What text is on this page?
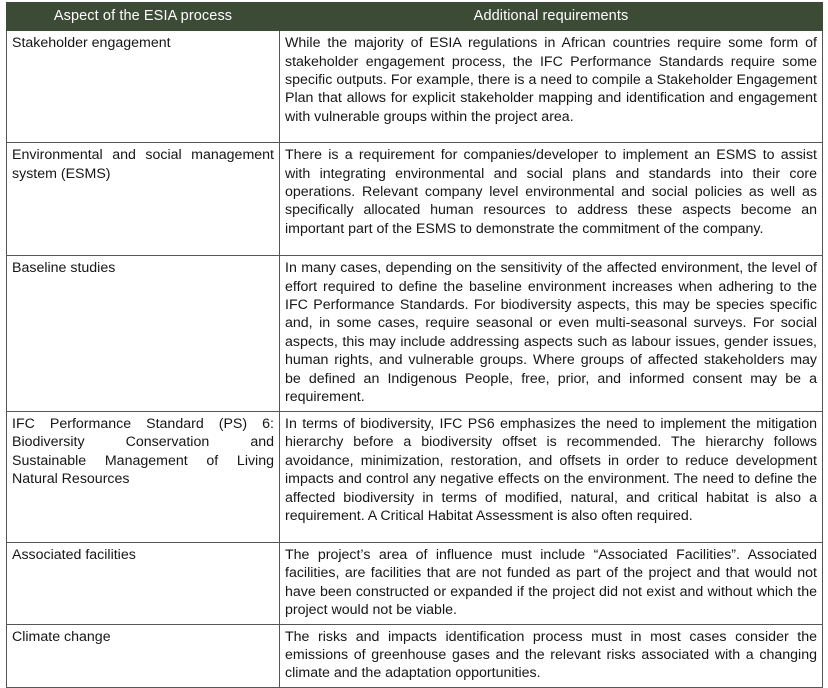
Aspect of the ESIA process	Additional requirements

Stakeholder engagement	While the majority of ESIA regulations in African countries require some form of stakeholder engagement process, the IFC Performance Standards require some specific outputs. For example, there is a need to compile a Stakeholder Engagement Plan that allows for explicit stakeholder mapping and identification and engagement with vulnerable groups within the project area.

Environmental and social management system (ESMS)	There is a requirement for companies/developer to implement an ESMS to assist with integrating environmental and social plans and standards into their core operations. Relevant company level environmental and social policies as well as specifically allocated human resources to address these aspects become an important part of the ESMS to demonstrate the commitment of the company.

Baseline studies	In many cases, depending on the sensitivity of the affected environment, the level of effort required to define the baseline environment increases when adhering to the IFC Performance Standards. For biodiversity aspects, this may be species specific and, in some cases, require seasonal or even multi-seasonal surveys. For social aspects, this may include addressing aspects such as labour issues, gender issues, human rights, and vulnerable groups. Where groups of affected stakeholders may be defined an Indigenous People, free, prior, and informed consent may be a requirement.

IFC Performance Standard (PS) 6: Biodiversity Conservation and Sustainable Management of Living Natural Resources	In terms of biodiversity, IFC PS6 emphasizes the need to implement the mitigation hierarchy before a biodiversity offset is recommended. The hierarchy follows avoidance, minimization, restoration, and offsets in order to reduce development impacts and control any negative effects on the environment. The need to define the affected biodiversity in terms of modified, natural, and critical habitat is also a requirement. A Critical Habitat Assessment is also often required.

Associated facilities	The project’s area of influence must include “Associated Facilities”. Associated facilities, are facilities that are not funded as part of the project and that would not have been constructed or expanded if the project did not exist and without which the project would not be viable.

Climate change	The risks and impacts identification process must in most cases consider the emissions of greenhouse gases and the relevant risks associated with a changing climate and the adaptation opportunities.
